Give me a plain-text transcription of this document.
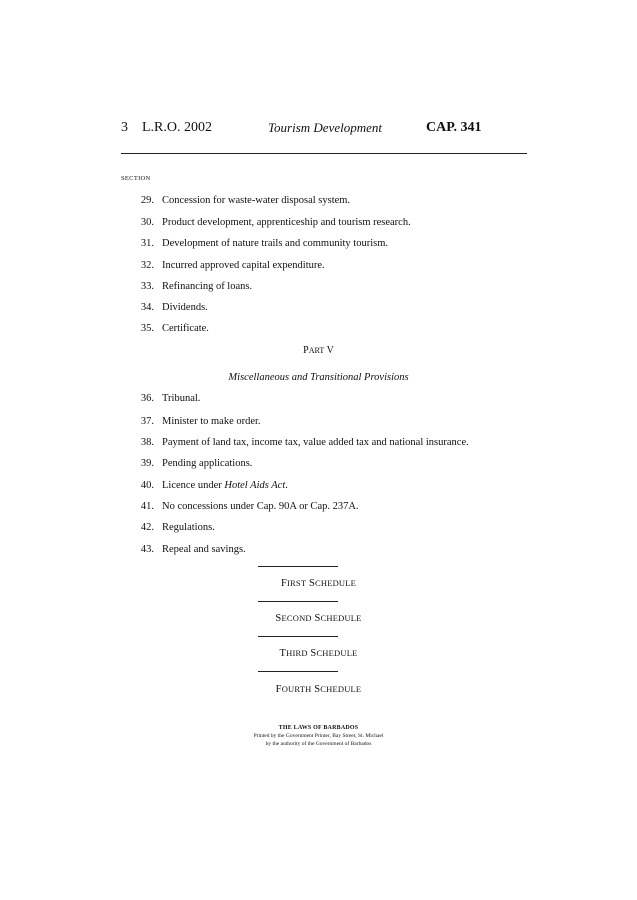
3 L.R.O. 2002	Tourism Development	CAP. 341
SECTION
29. Concession for waste-water disposal system.
30. Product development, apprenticeship and tourism research.
31. Development of nature trails and community tourism.
32. Incurred approved capital expenditure.
33. Refinancing of loans.
34. Dividends.
35. Certificate.
PART V
Miscellaneous and Transitional Provisions
36. Tribunal.
37. Minister to make order.
38. Payment of land tax, income tax, value added tax and national insurance.
39. Pending applications.
40. Licence under Hotel Aids Act.
41. No concessions under Cap. 90A or Cap. 237A.
42. Regulations.
43. Repeal and savings.
FIRST SCHEDULE
SECOND SCHEDULE
THIRD SCHEDULE
FOURTH SCHEDULE
THE LAWS OF BARBADOS
Printed by the Government Printer, Bay Street, St. Michael
by the authority of the Government of Barbados
